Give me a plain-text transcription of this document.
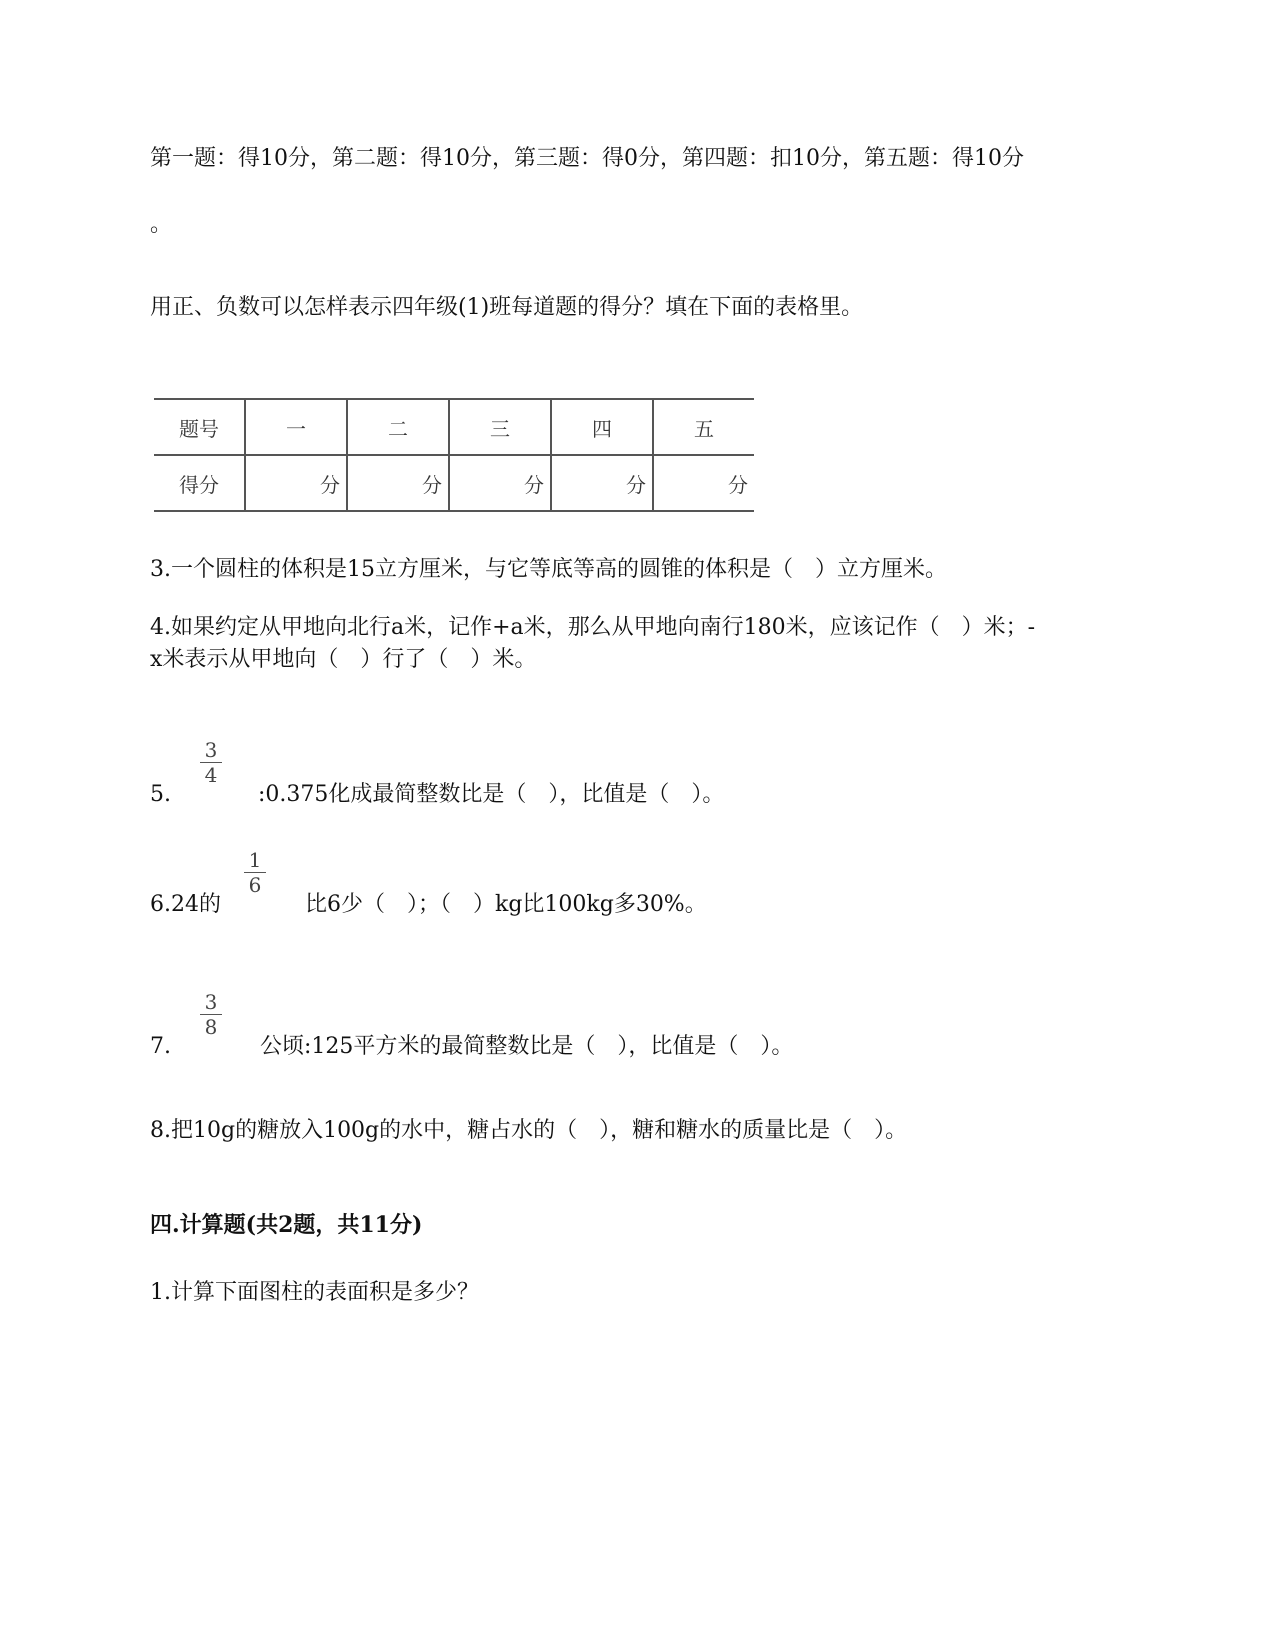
第一题：得10分，第二题：得10分，第三题：得0分，第四题：扣10分，第五题：得10分
。
用正、负数可以怎样表示四年级(1)班每道题的得分？填在下面的表格里。
题号	一	二	三	四	五
得分	分	分	分	分	分
3.一个圆柱的体积是15立方厘米，与它等底等高的圆锥的体积是（　）立方厘米。
4.如果约定从甲地向北行a米，记作+a米，那么从甲地向南行180米，应该记作（　）米；-
x米表示从甲地向（　）行了（　）米。
3
4
5.	:0.375化成最简整数比是（　），比值是（　）。
1
6
6.24的	比6少（　）；（　）kg比100kg多30%。
3
8
7.	公顷:125平方米的最简整数比是（　），比值是（　）。
8.把10g的糖放入100g的水中，糖占水的（　），糖和糖水的质量比是（　）。
四.计算题(共2题，共11分)
1.计算下面图柱的表面积是多少？
